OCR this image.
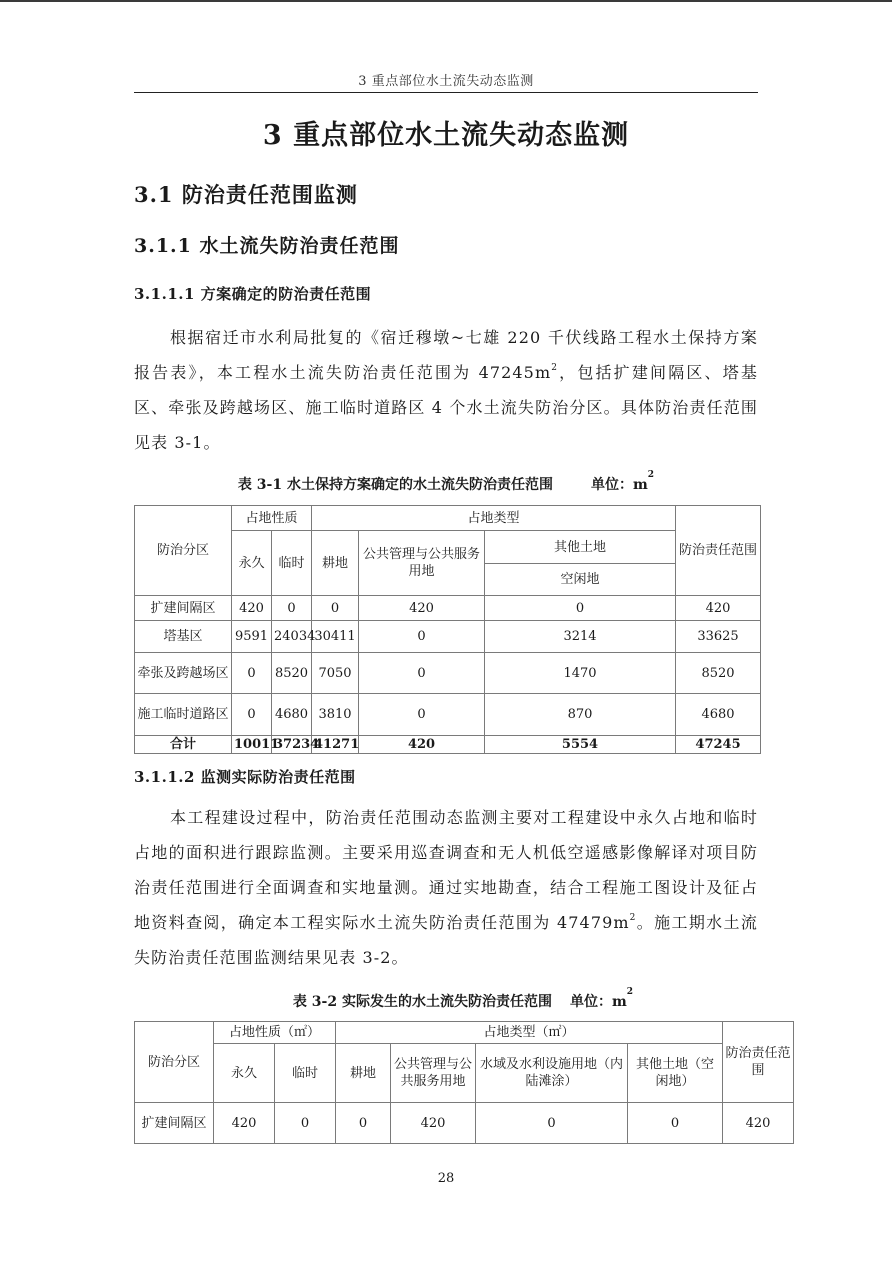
3 重点部位水土流失动态监测
3 重点部位水土流失动态监测
3.1 防治责任范围监测
3.1.1 水土流失防治责任范围
3.1.1.1 方案确定的防治责任范围
根据宿迁市水利局批复的《宿迁穆墩~七雄 220 千伏线路工程水土保持方案报告表》，本工程水土流失防治责任范围为 $47245m^2$，包括扩建间隔区、塔基区、牵张及跨越场区、施工临时道路区 4 个水土流失防治分区。具体防治责任范围见表 3-1。
表 3-1 水土保持方案确定的水土流失防治责任范围	单位：$m^2$
防治分区	占地性质		占地类型			防治责任范围
	永久	临时	耕地	公共管理与公共服务用地	其他土地	
					空闲地	
扩建间隔区	420	0	0	420	0	420
塔基区	9591	24034	30411	0	3214	33625
牵张及跨越场区	0	8520	7050	0	1470	8520
施工临时道路区	0	4680	3810	0	870	4680
合计	10011	37234	41271	420	5554	47245
3.1.1.2 监测实际防治责任范围
本工程建设过程中，防治责任范围动态监测主要对工程建设中永久占地和临时占地的面积进行跟踪监测。主要采用巡查调查和无人机低空遥感影像解译对项目防治责任范围进行全面调查和实地量测。通过实地勘查，结合工程施工图设计及征占地资料查阅，确定本工程实际水土流失防治责任范围为 $47479m^2$。施工期水土流失防治责任范围监测结果见表 3-2。
表 3-2 实际发生的水土流失防治责任范围 单位：$m^2$
防治分区	占地性质（㎡）		占地类型（㎡）				防治责任范围
	永久	临时	耕地	公共管理与公 共服务用地	水域及水利设施用地（内陆滩涂）	其他土地（空闲地）	
扩建间隔区	420	0	0	420	0	0	420
28
